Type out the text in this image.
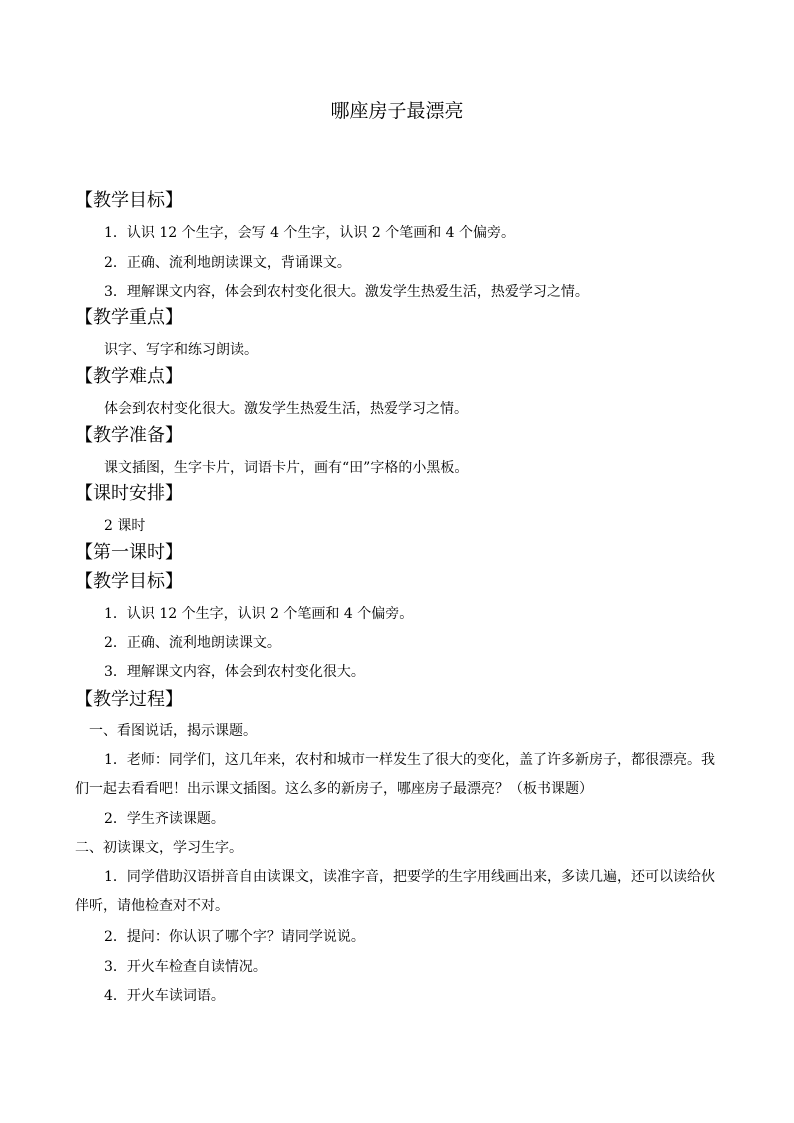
哪座房子最漂亮
【教学目标】
1．认识 12 个生字，会写 4 个生字，认识 2 个笔画和 4 个偏旁。
2．正确、流利地朗读课文，背诵课文。
3．理解课文内容，体会到农村变化很大。激发学生热爱生活，热爱学习之情。
【教学重点】
识字、写字和练习朗读。
【教学难点】
体会到农村变化很大。激发学生热爱生活，热爱学习之情。
【教学准备】
课文插图，生字卡片，词语卡片，画有“田”字格的小黑板。
【课时安排】
2 课时
【第一课时】
【教学目标】
1．认识 12 个生字，认识 2 个笔画和 4 个偏旁。
2．正确、流利地朗读课文。
3．理解课文内容，体会到农村变化很大。
【教学过程】
一、看图说话，揭示课题。
1．老师：同学们，这几年来，农村和城市一样发生了很大的变化，盖了许多新房子，都很漂亮。我们一起去看看吧！出示课文插图。这么多的新房子，哪座房子最漂亮？（板书课题）
2．学生齐读课题。
二、初读课文，学习生字。
1．同学借助汉语拼音自由读课文，读准字音，把要学的生字用线画出来，多读几遍，还可以读给伙伴听，请他检查对不对。
2．提问：你认识了哪个字？请同学说说。
3．开火车检查自读情况。
4．开火车读词语。
